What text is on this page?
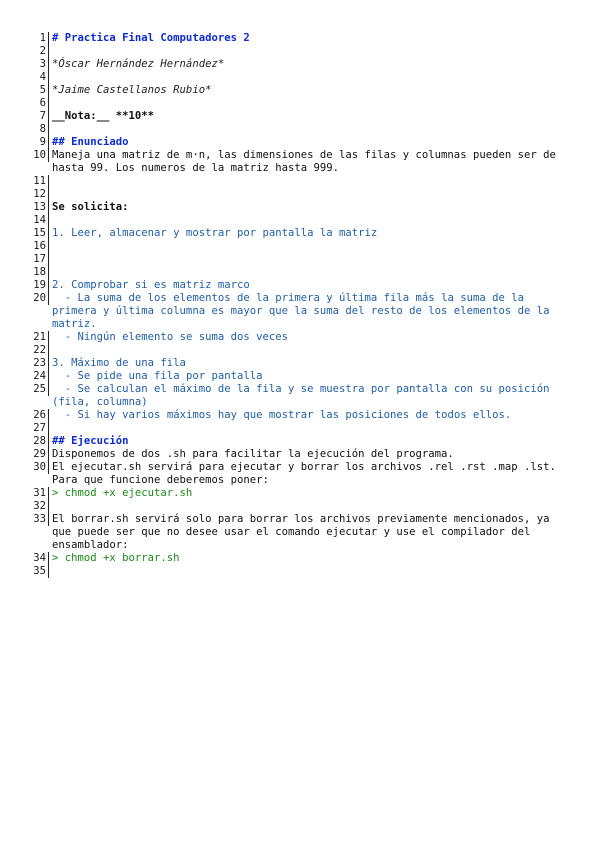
1 # Practica Final Computadores 2
2
3 *Óscar Hernández Hernández*
4
5 *Jaime Castellanos Rubio*
6
7 __Nota:__ **10**
8
9 ## Enunciado
10 Maneja una matriz de m·n, las dimensiones de las filas y columnas pueden ser de hasta 99. Los numeros de la matriz hasta 999.
11
12
13 Se solicita:
14
15 1. Leer, almacenar y mostrar por pantalla la matriz
16
17
18
19 2. Comprobar si es matriz marco
20 - La suma de los elementos de la primera y última fila más la suma de la primera y última columna es mayor que la suma del resto de los elementos de la matriz.
21 - Ningún elemento se suma dos veces
22
23 3. Máximo de una fila
24 - Se pide una fila por pantalla
25 - Se calculan el máximo de la fila y se muestra por pantalla con su posición (fila, columna)
26 - Si hay varios máximos hay que mostrar las posiciones de todos ellos.
27
28 ## Ejecución
29 Disponemos de dos .sh para facilitar la ejecución del programa.
30 El ejecutar.sh servirá para ejecutar y borrar los archivos .rel .rst .map .lst. Para que funcione deberemos poner:
31 > chmod +x ejecutar.sh
32
33 El borrar.sh servirá solo para borrar los archivos previamente mencionados, ya que puede ser que no desee usar el comando ejecutar y use el compilador del ensamblador:
34 > chmod +x borrar.sh
35
